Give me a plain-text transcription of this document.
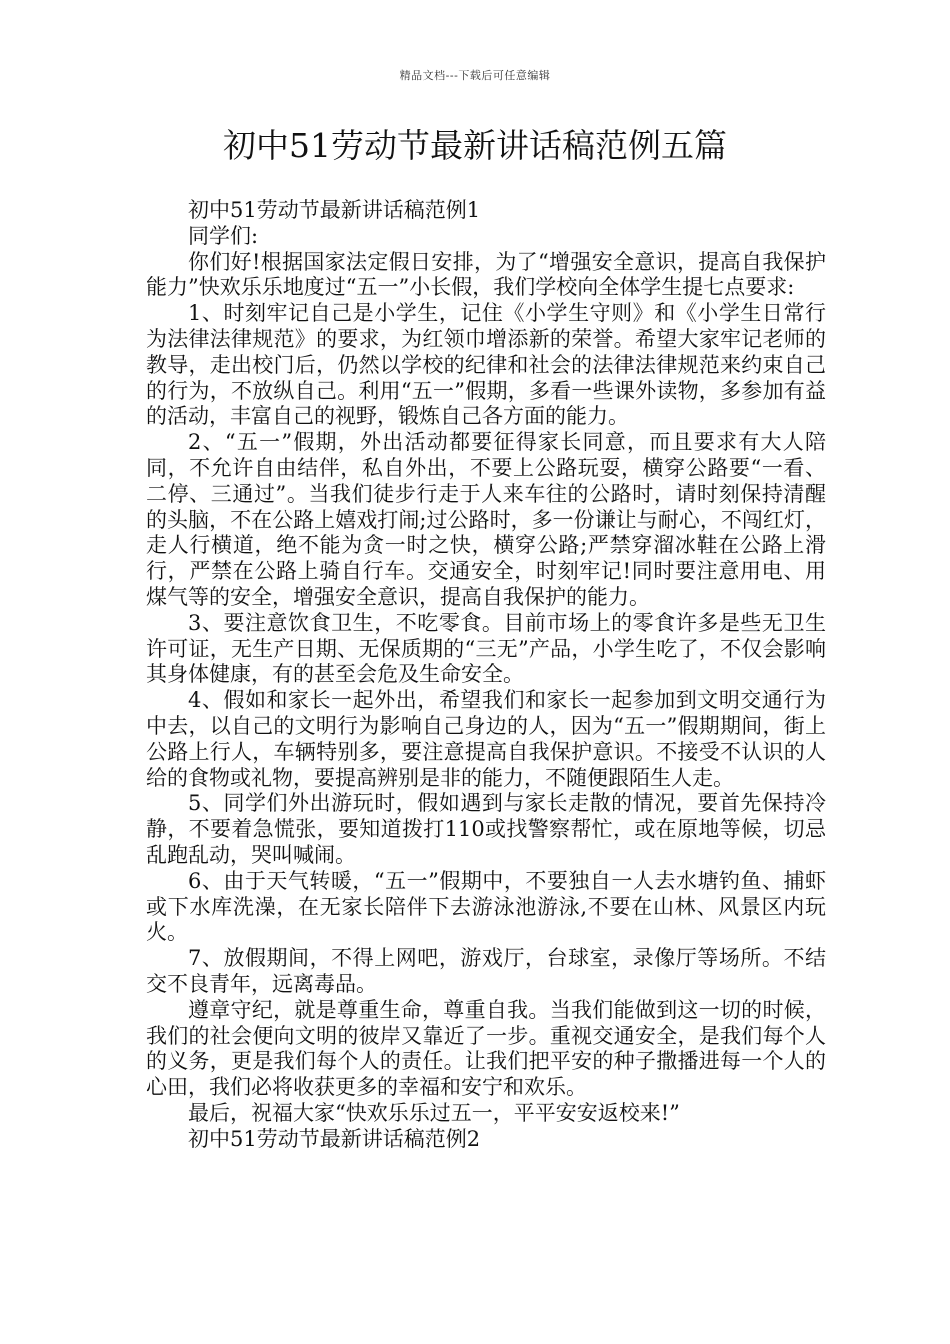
精品文档---下载后可任意编辑
初中51劳动节最新讲话稿范例五篇

初中51劳动节最新讲话稿范例1

同学们:

你们好!根据国家法定假日安排，为了“增强安全意识，提高自我保护能力”快欢乐乐地度过“五一”小长假，我们学校向全体学生提七点要求:

1、时刻牢记自己是小学生，记住《小学生守则》和《小学生日常行为法律法律规范》的要求，为红领巾增添新的荣誉。希望大家牢记老师的教导，走出校门后，仍然以学校的纪律和社会的法律法律规范来约束自己的行为，不放纵自己。利用“五一”假期，多看一些课外读物，多参加有益的活动，丰富自己的视野，锻炼自己各方面的能力。

2、“五一”假期，外出活动都要征得家长同意，而且要求有大人陪同，不允许自由结伴，私自外出，不要上公路玩耍，横穿公路要“一看、二停、三通过”。当我们徒步行走于人来车往的公路时，请时刻保持清醒的头脑，不在公路上嬉戏打闹;过公路时，多一份谦让与耐心，不闯红灯，走人行横道，绝不能为贪一时之快，横穿公路;严禁穿溜冰鞋在公路上滑行，严禁在公路上骑自行车。交通安全，时刻牢记!同时要注意用电、用煤气等的安全，增强安全意识，提高自我保护的能力。

3、要注意饮食卫生，不吃零食。目前市场上的零食许多是些无卫生许可证，无生产日期、无保质期的“三无”产品，小学生吃了，不仅会影响其身体健康，有的甚至会危及生命安全。

4、假如和家长一起外出，希望我们和家长一起参加到文明交通行为中去，以自己的文明行为影响自己身边的人，因为“五一”假期期间，街上公路上行人，车辆特别多，要注意提高自我保护意识。不接受不认识的人给的食物或礼物，要提高辨别是非的能力，不随便跟陌生人走。

5、同学们外出游玩时，假如遇到与家长走散的情况，要首先保持冷静，不要着急慌张，要知道拨打110或找警察帮忙，或在原地等候，切忌乱跑乱动，哭叫喊闹。

6、由于天气转暖，“五一”假期中，不要独自一人去水塘钓鱼、捕虾或下水库洗澡，在无家长陪伴下去游泳池游泳,不要在山林、风景区内玩火。

7、放假期间，不得上网吧，游戏厅，台球室，录像厅等场所。不结交不良青年，远离毒品。

遵章守纪，就是尊重生命，尊重自我。当我们能做到这一切的时候，我们的社会便向文明的彼岸又靠近了一步。重视交通安全，是我们每个人的义务，更是我们每个人的责任。让我们把平安的种子撒播进每一个人的心田，我们必将收获更多的幸福和安宁和欢乐。

最后，祝福大家“快欢乐乐过五一，平平安安返校来!”

初中51劳动节最新讲话稿范例2
